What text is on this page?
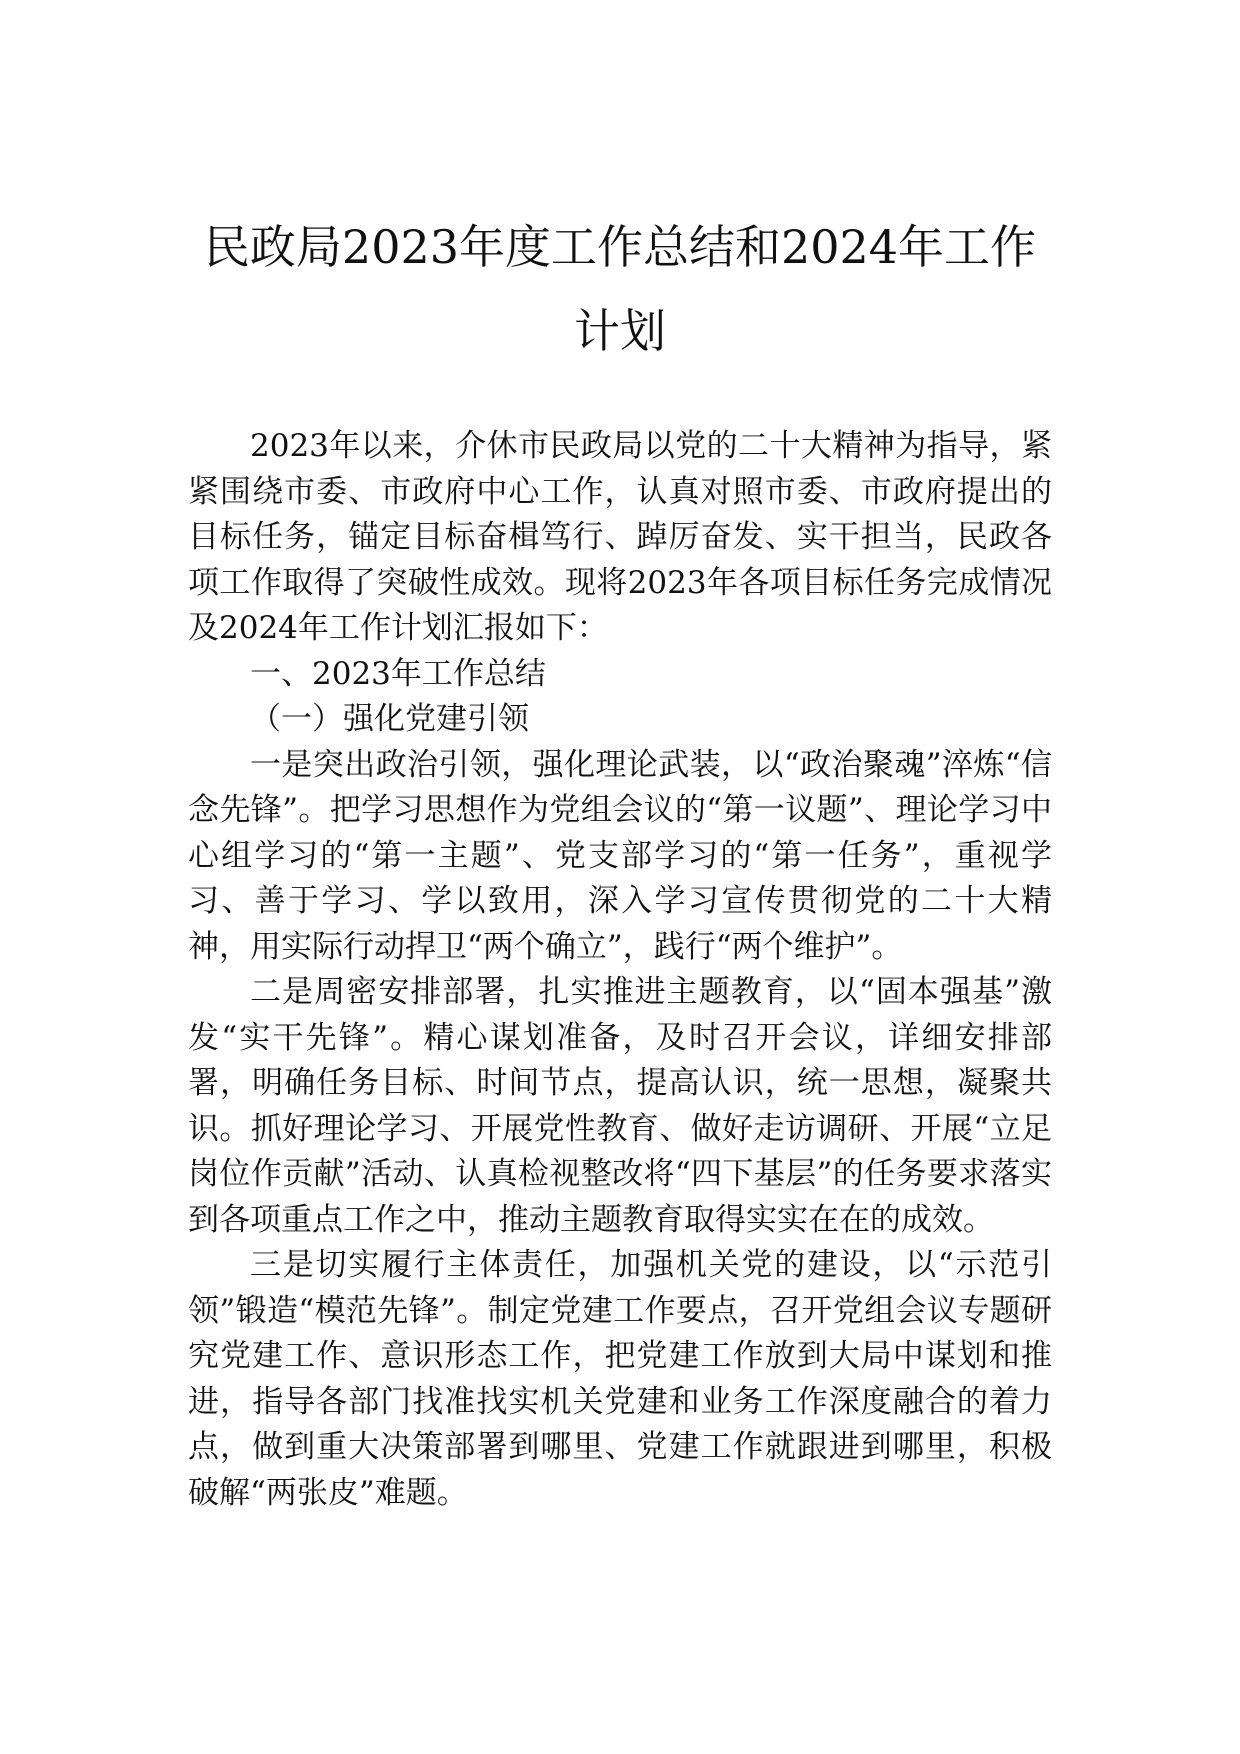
民政局2023年度工作总结和2024年工作计划

2023年以来，介休市民政局以党的二十大精神为指导，紧紧围绕市委、市政府中心工作，认真对照市委、市政府提出的目标任务，锚定目标奋楫笃行、踔厉奋发、实干担当，民政各项工作取得了突破性成效。现将2023年各项目标任务完成情况及2024年工作计划汇报如下：

一、2023年工作总结

（一）强化党建引领

一是突出政治引领，强化理论武装，以“政治聚魂”淬炼“信念先锋”。把学习思想作为党组会议的“第一议题”、理论学习中心组学习的“第一主题”、党支部学习的“第一任务”，重视学习、善于学习、学以致用，深入学习宣传贯彻党的二十大精神，用实际行动捍卫“两个确立”，践行“两个维护”。

二是周密安排部署，扎实推进主题教育，以“固本强基”激发“实干先锋”。精心谋划准备，及时召开会议，详细安排部署，明确任务目标、时间节点，提高认识，统一思想，凝聚共识。抓好理论学习、开展党性教育、做好走访调研、开展“立足岗位作贡献”活动、认真检视整改将“四下基层”的任务要求落实到各项重点工作之中，推动主题教育取得实实在在的成效。

三是切实履行主体责任，加强机关党的建设，以“示范引领”锻造“模范先锋”。制定党建工作要点，召开党组会议专题研究党建工作、意识形态工作，把党建工作放到大局中谋划和推进，指导各部门找准找实机关党建和业务工作深度融合的着力点，做到重大决策部署到哪里、党建工作就跟进到哪里，积极破解“两张皮”难题。
